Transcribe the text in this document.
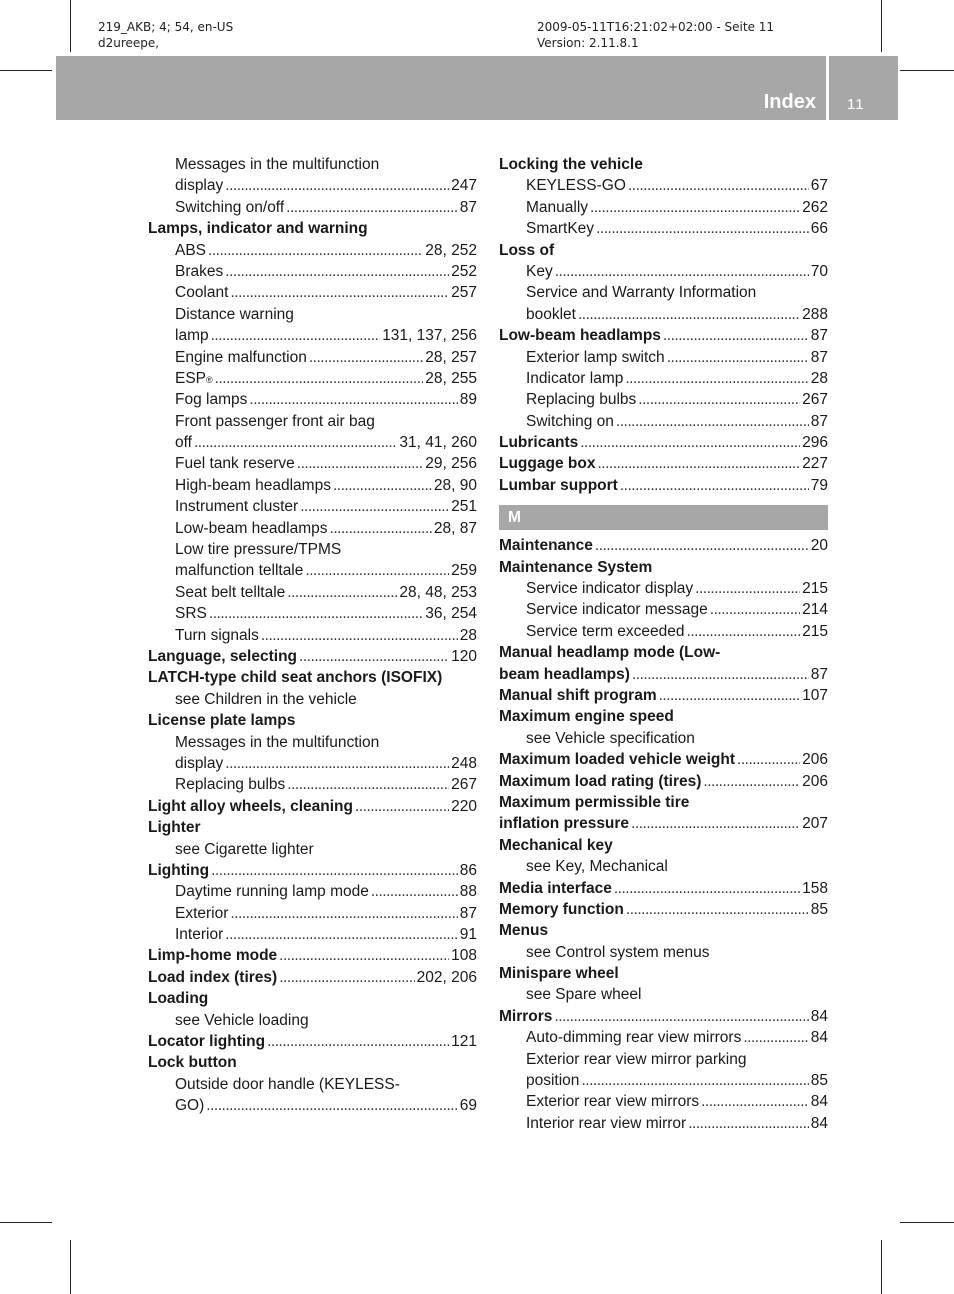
219_AKB; 4; 54, en-US
d2ureepe,
2009-05-11T16:21:02+02:00 - Seite 11
Version: 2.11.8.1
Index 11
Messages in the multifunction
display . . .	247
Switching on/off . . .	87
Lamps, indicator and warning
ABS . . .	28, 252
Brakes . . .	252
Coolant . . .	257
Distance warning
lamp . . .	131, 137, 256
Engine malfunction . . .	28, 257
ESP ® . . .	28, 255
Fog lamps . . .	89
Front passenger front air bag
off . . .	31, 41, 260
Fuel tank reserve . . .	29, 256
High-beam headlamps . . .	28, 90
Instrument cluster . . .	251
Low-beam headlamps . . .	28, 87
Low tire pressure/TPMS
malfunction telltale . . .	259
Seat belt telltale . . .	28, 48, 253
SRS . . .	36, 254
Turn signals . . .	28
Language, selecting . . .	120
LATCH-type child seat anchors (ISOFIX)
see Children in the vehicle
License plate lamps
Messages in the multifunction
display . . .	248
Replacing bulbs . . .	267
Light alloy wheels, cleaning . . .	220
Lighter
see Cigarette lighter
Lighting . . .	86
Daytime running lamp mode . . .	88
Exterior . . .	87
Interior . . .	91
Limp-home mode . . .	108
Load index (tires) . . .	202, 206
Loading
see Vehicle loading
Locator lighting . . .	121
Lock button
Outside door handle (KEYLESS-
GO) . . .	69
Locking the vehicle
KEYLESS-GO . . .	67
Manually . . .	262
SmartKey . . .	66
Loss of
Key . . .	70
Service and Warranty Information
booklet . . .	288
Low-beam headlamps . . .	87
Exterior lamp switch . . .	87
Indicator lamp . . .	28
Replacing bulbs . . .	267
Switching on . . .	87
Lubricants . . .	296
Luggage box . . .	227
Lumbar support . . .	79
M
Maintenance . . .	20
Maintenance System
Service indicator display . . .	215
Service indicator message . . .	214
Service term exceeded . . .	215
Manual headlamp mode (Low-
beam headlamps) . . .	87
Manual shift program . . .	107
Maximum engine speed
see Vehicle specification
Maximum loaded vehicle weight . . .	206
Maximum load rating (tires) . . .	206
Maximum permissible tire
inflation pressure . . .	207
Mechanical key
see Key, Mechanical
Media interface . . .	158
Memory function . . .	85
Menus
see Control system menus
Minispare wheel
see Spare wheel
Mirrors . . .	84
Auto-dimming rear view mirrors . . .	84
Exterior rear view mirror parking
position . . .	85
Exterior rear view mirrors . . .	84
Interior rear view mirror . . .	84
